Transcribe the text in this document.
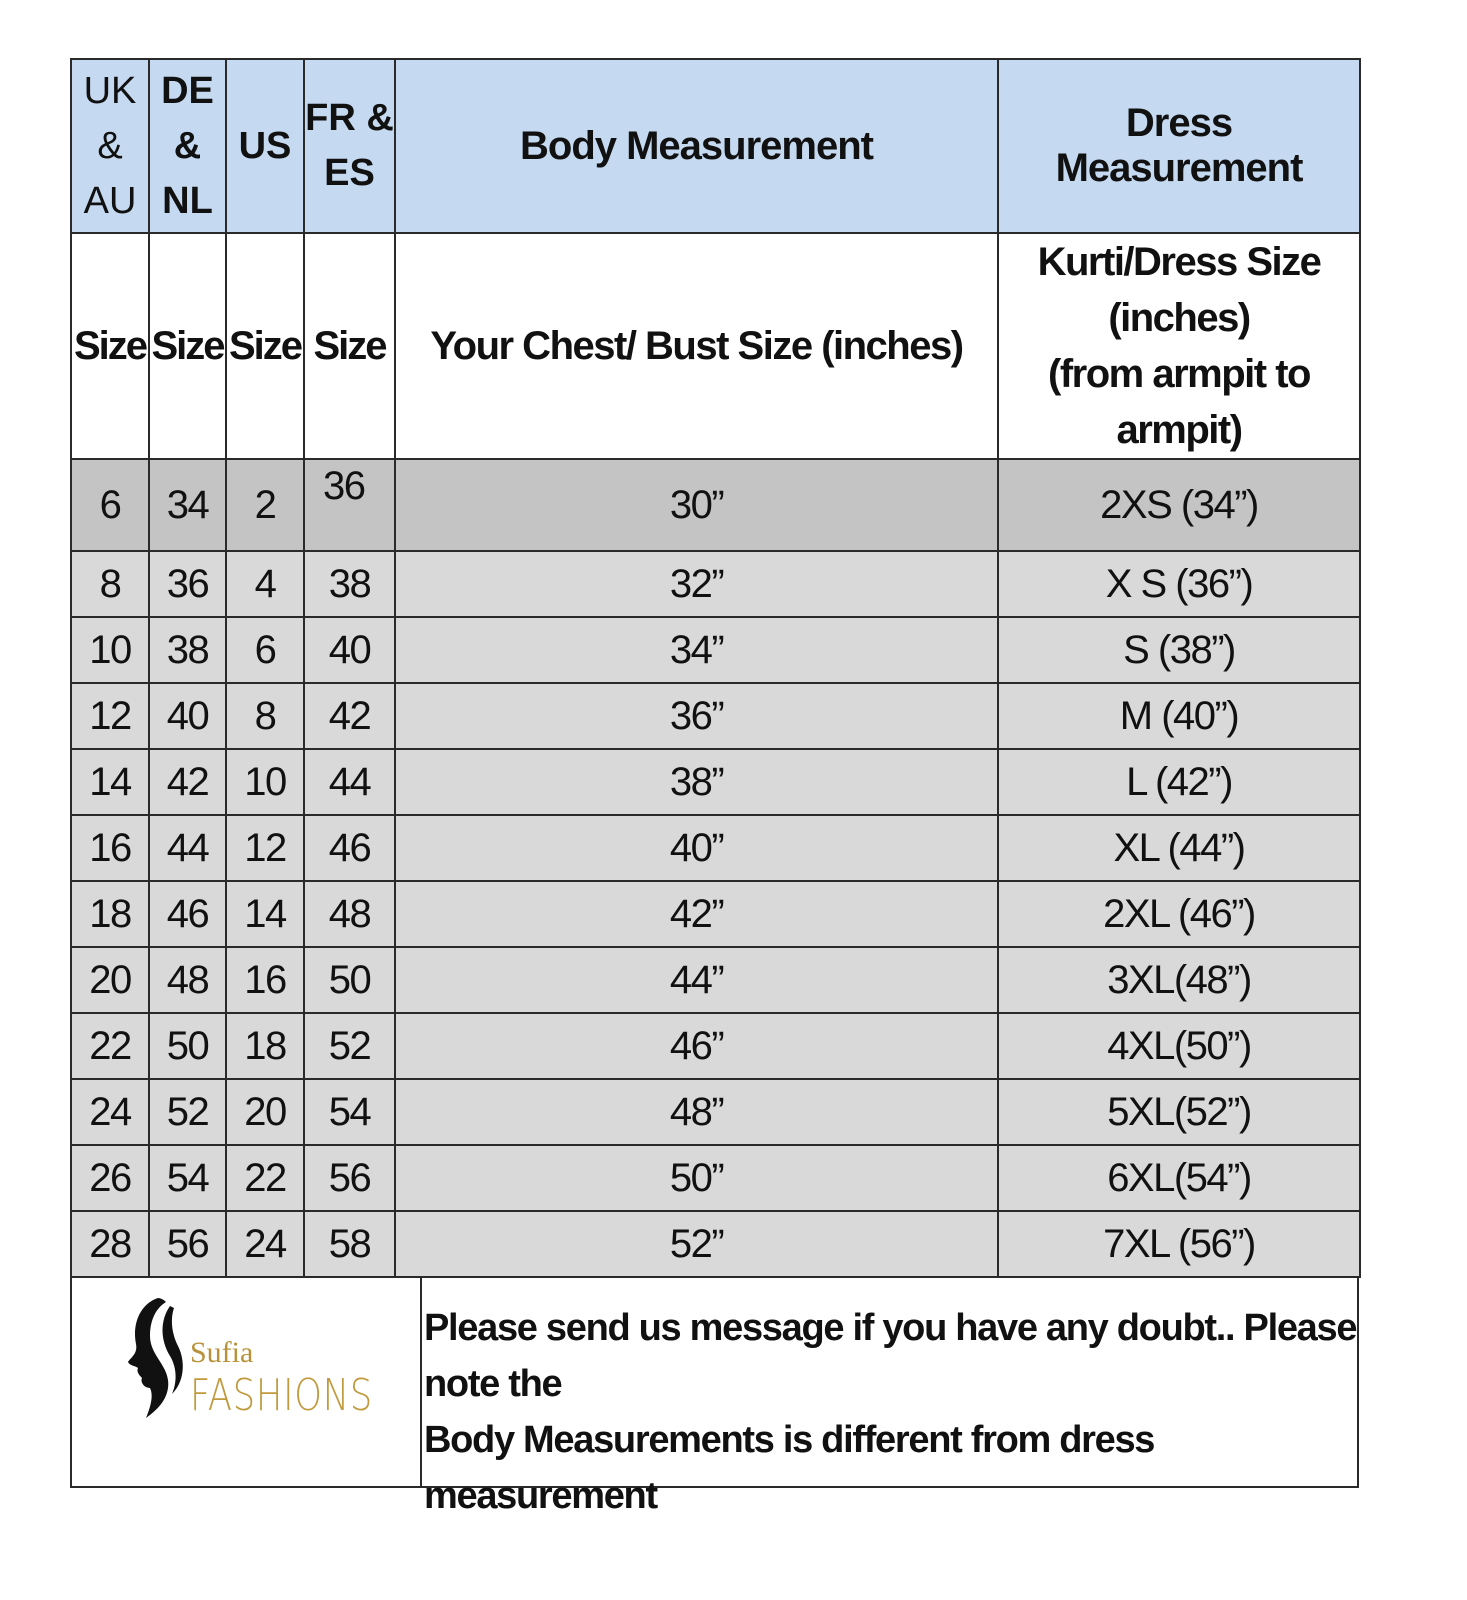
UK & AU	DE & NL	US	FR & ES	Body Measurement	Dress Measurement
Size	Size	Size	Size	Your Chest/ Bust Size (inches)	Kurti/Dress Size (inches)
(from armpit to armpit)

6	34	2	36	30”	2XS (34”)
8	36	4	38	32”	X S (36”)
10	38	6	40	34”	S (38”)
12	40	8	42	36”	M (40”)
14	42	10	44	38”	L (42”)
16	44	12	46	40”	XL (44”)
18	46	14	48	42”	2XL (46”)
20	48	16	50	44”	3XL(48”)
22	50	18	52	46”	4XL(50”)
24	52	20	54	48”	5XL(52”)
26	54	22	56	50”	6XL(54”)
28	56	24	58	52”	7XL (56”)
Sufia
FASHIONS
Please send us message if you have any doubt.. Please note the
Body Measurements is different from dress measurement
